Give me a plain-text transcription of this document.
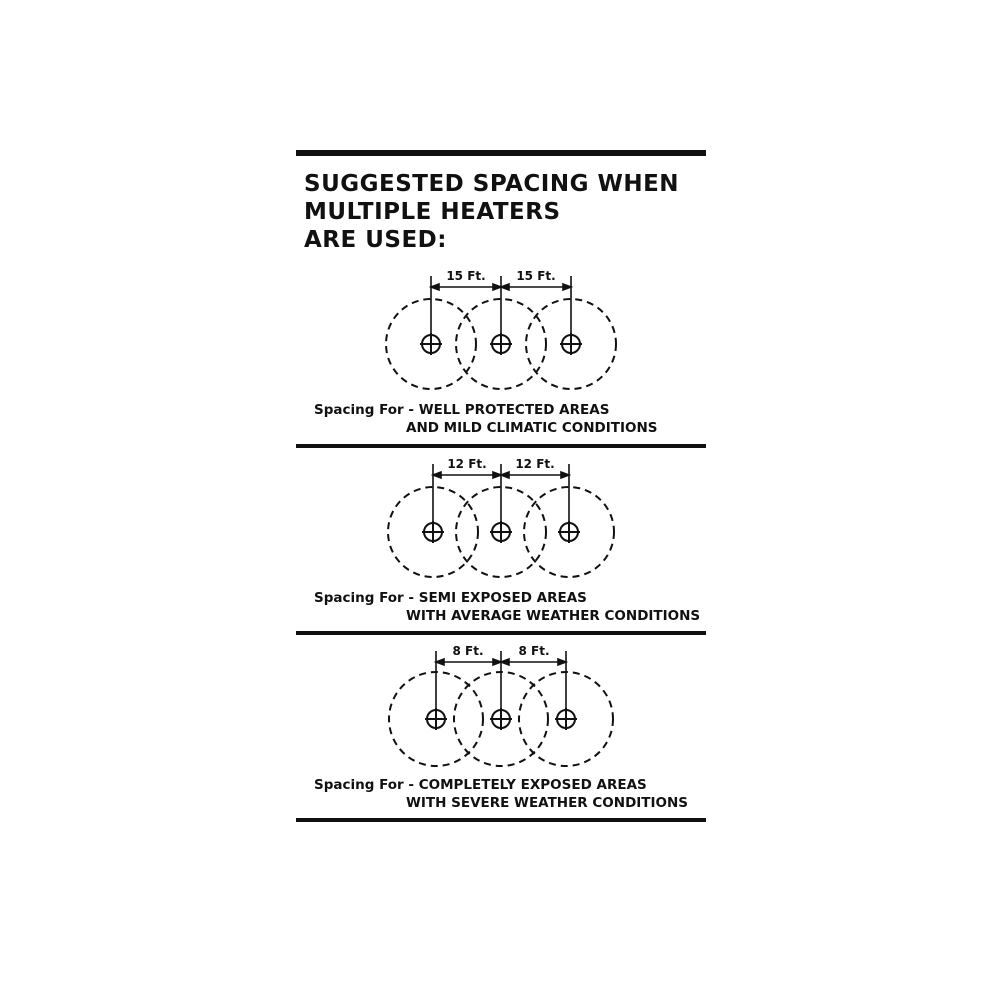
SUGGESTED SPACING WHEN
MULTIPLE HEATERS
ARE USED:
15 Ft.	15 Ft.
Spacing For - WELL PROTECTED AREAS
AND MILD CLIMATIC CONDITIONS
12 Ft. 12 Ft.
Spacing For - SEMI EXPOSED AREAS
WITH AVERAGE WEATHER CONDITIONS
8 Ft.	8 Ft.
Spacing For - COMPLETELY EXPOSED AREAS
WITH SEVERE WEATHER CONDITIONS
